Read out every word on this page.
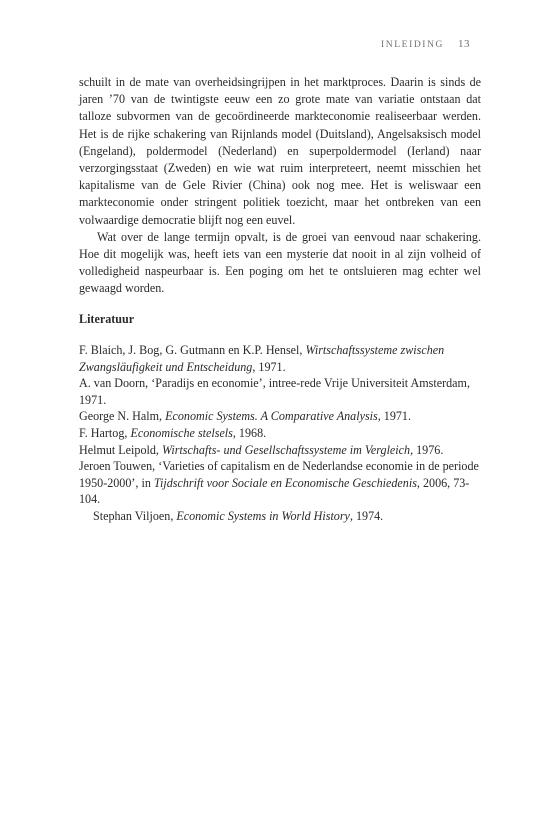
INLEIDING 13

schuilt in de mate van overheidsingrijpen in het marktproces. Daarin is sinds de jaren ’70 van de twintigste eeuw een zo grote mate van variatie ontstaan dat talloze subvormen van de gecoördineerde markteconomie realiseerbaar werden. Het is de rijke schakering van Rijnlands model (Duitsland), Angelsaksisch model (Engeland), poldermodel (Nederland) en superpoldermodel (Ierland) naar verzorgingsstaat (Zweden) en wie wat ruim interpreteert, neemt misschien het kapitalisme van de Gele Rivier (China) ook nog mee. Het is weliswaar een markteconomie onder stringent politiek toezicht, maar het ontbreken van een volwaardige democratie blijft nog een euvel.

Wat over de lange termijn opvalt, is de groei van eenvoud naar schakering. Hoe dit mogelijk was, heeft iets van een mysterie dat nooit in al zijn volheid of volledigheid naspeurbaar is. Een poging om het te ontsluieren mag echter wel gewaagd worden.

Literatuur
F. Blaich, J. Bog, G. Gutmann en K.P. Hensel, Wirtschaftssysteme zwischen Zwangsläufigkeit und Entscheidung, 1971.
A. van Doorn, ‘Paradijs en economie’, intree-rede Vrije Universiteit Amsterdam, 1971.
George N. Halm, Economic Systems. A Comparative Analysis, 1971.
F. Hartog, Economische stelsels, 1968.
Helmut Leipold, Wirtschafts- und Gesellschaftssysteme im Vergleich, 1976.
Jeroen Touwen, ‘Varieties of capitalism en de Nederlandse economie in de periode 1950-2000’, in Tijdschrift voor Sociale en Economische Geschiedenis, 2006, 73-104.
Stephan Viljoen, Economic Systems in World History, 1974.
